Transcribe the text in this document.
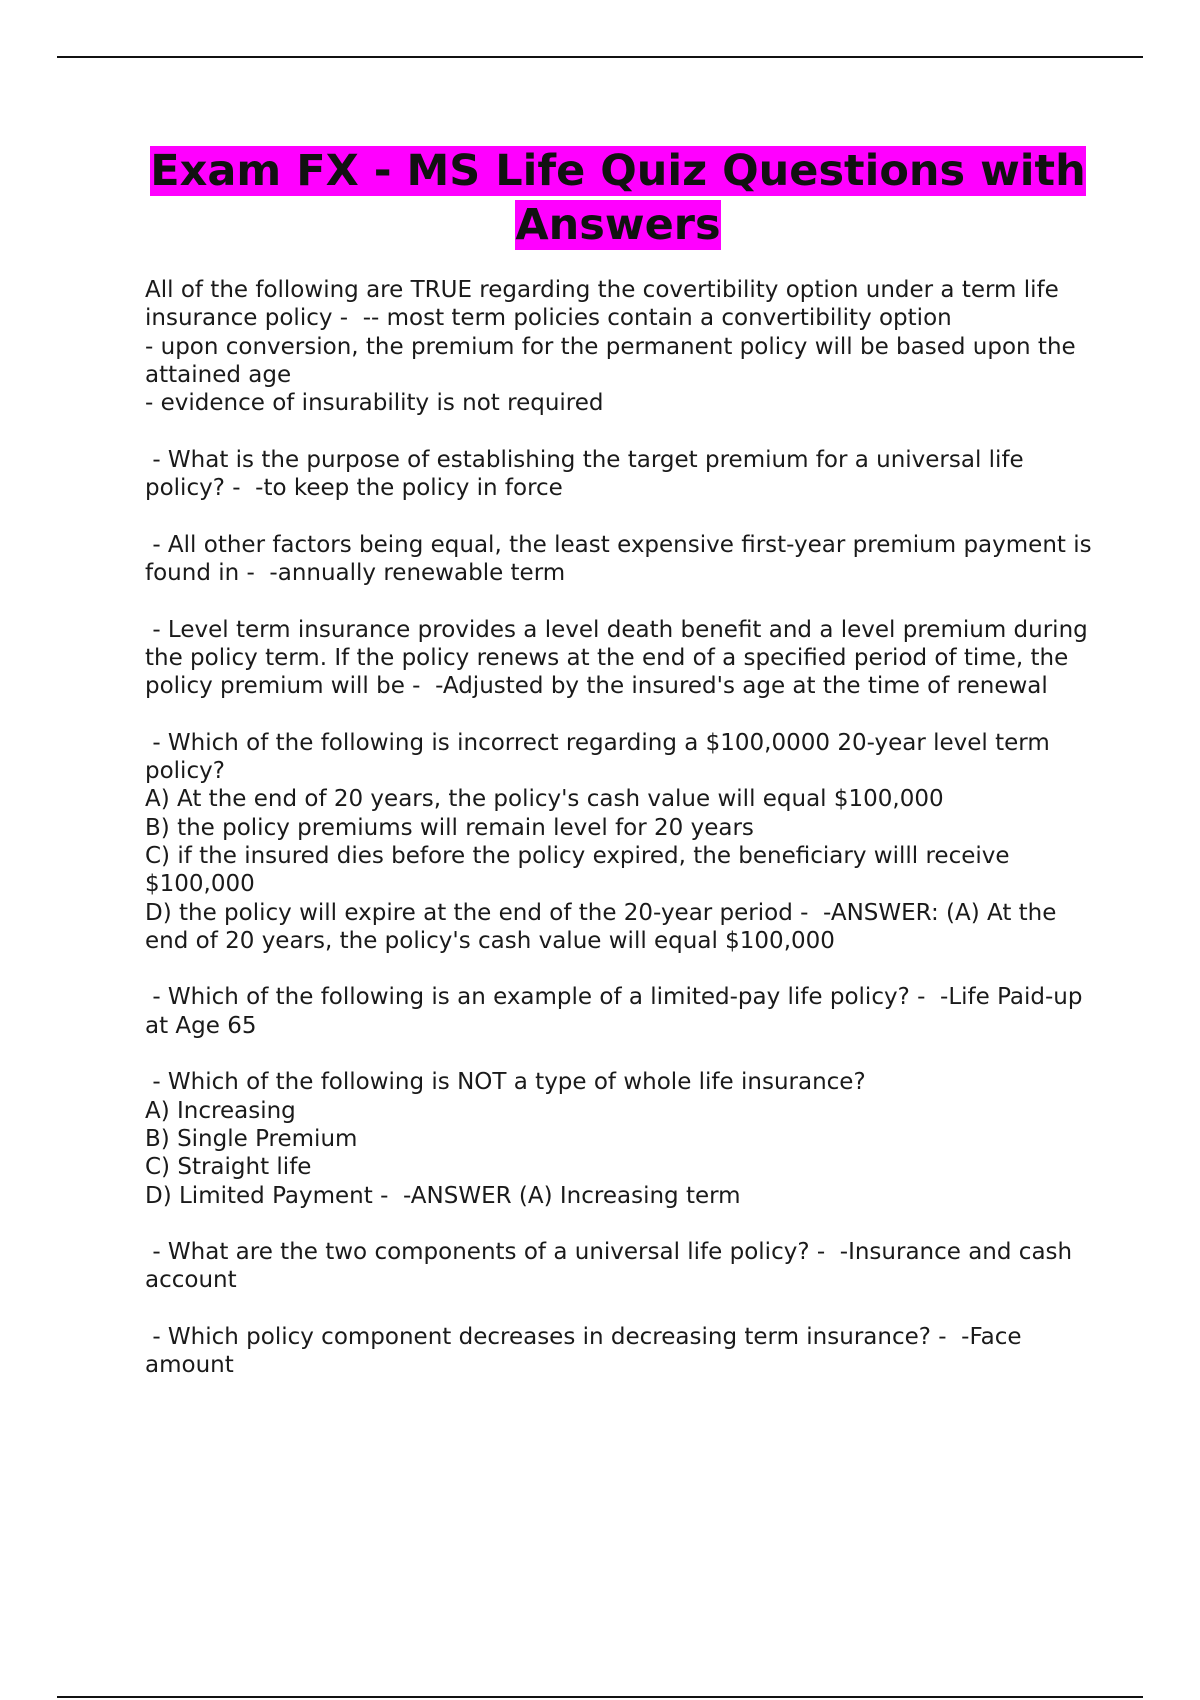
Exam FX - MS Life Quiz Questions with Answers

All of the following are TRUE regarding the covertibility option under a term life insurance policy -  -- most term policies contain a convertibility option
- upon conversion, the premium for the permanent policy will be based upon the attained age
- evidence of insurability is not required

- What is the purpose of establishing the target premium for a universal life policy? -  -to keep the policy in force

- All other factors being equal, the least expensive first-year premium payment is found in -  -annually renewable term

- Level term insurance provides a level death benefit and a level premium during the policy term. If the policy renews at the end of a specified period of time, the policy premium will be -  -Adjusted by the insured's age at the time of renewal

- Which of the following is incorrect regarding a $100,0000 20-year level term policy?
A) At the end of 20 years, the policy's cash value will equal $100,000
B) the policy premiums will remain level for 20 years
C) if the insured dies before the policy expired, the beneficiary willl receive $100,000
D) the policy will expire at the end of the 20-year period -  -ANSWER: (A) At the end of 20 years, the policy's cash value will equal $100,000

- Which of the following is an example of a limited-pay life policy? -  -Life Paid-up at Age 65

- Which of the following is NOT a type of whole life insurance?
A) Increasing
B) Single Premium
C) Straight life
D) Limited Payment -  -ANSWER (A) Increasing term

- What are the two components of a universal life policy? -  -Insurance and cash account

- Which policy component decreases in decreasing term insurance? -  -Face amount
